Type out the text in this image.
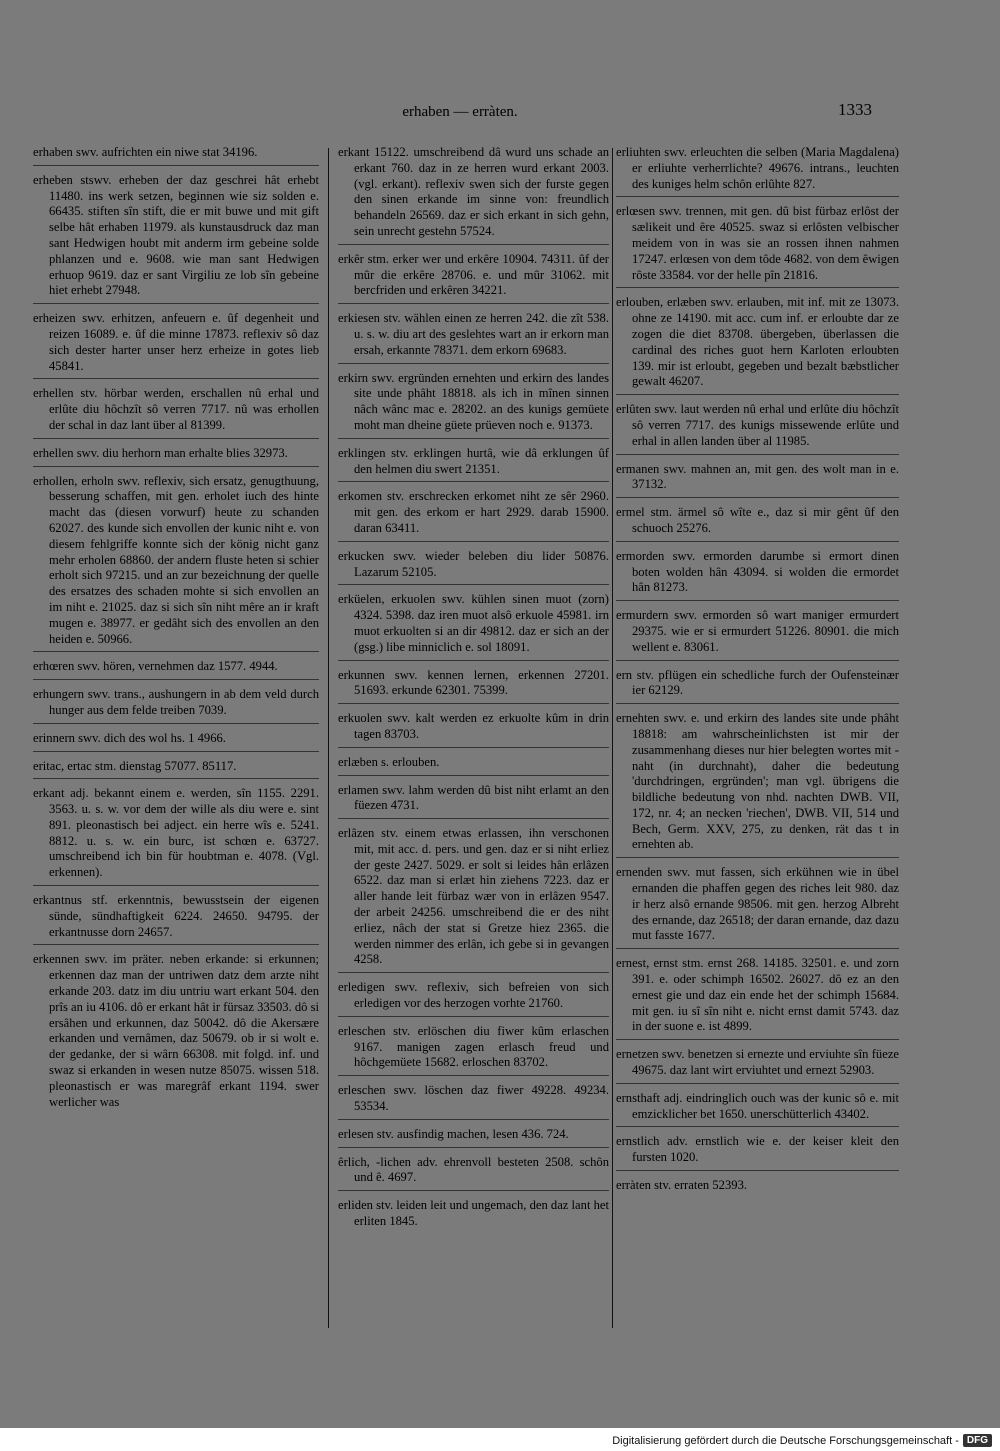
erhaben — erràten.	1333
erhaben swv. aufrichten ein niwe stat 34196.
erheben stswv. erheben der daz geschrei hât erhebt 11480. ins werk setzen, beginnen wie siz solden e. 66435. stiften sîn stift, die er mit buwe und mit gift selbe hât erhaben 11979. als kunstausdruck daz man sant Hedwigen houbt mit anderm irm gebeine solde phlanzen und e. 9608. wie man sant Hedwigen erhuop 9619. daz er sant Virgiliu ze lob sîn gebeine hiet erhebt 27948.
erheizen swv. erhitzen, anfeuern e. ûf degenheit und reizen 16089. e. ûf die minne 17873. reflexiv sô daz sich dester harter unser herz erheize in gotes lieb 45841.
erhellen stv. hörbar werden, erschallen nû erhal und erlûte diu hôchzît sô verren 7717. nû was erhollen der schal in daz lant über al 81399.
erhellen swv. diu herhorn man erhalte blies 32973.
erhollen, erholn swv. reflexiv, sich ersatz, genugthuung, besserung schaffen, mit gen. erholet iuch des hinte macht das (diesen vorwurf) heute zu schanden 62027. des kunde sich envollen der kunic niht e. von diesem fehlgriffe konnte sich der könig nicht ganz mehr erholen 68860. der andern fluste heten si schier erholt sich 97215. und an zur bezeichnung der quelle des ersatzes des schaden mohte si sich envollen an im niht e. 21025. daz si sich sîn niht mêre an ir kraft mugen e. 38977. er gedâht sich des envollen an den heiden e. 50966.
erhœren swv. hören, vernehmen daz 1577. 4944.
erhungern swv. trans., aushungern in ab dem veld durch hunger aus dem felde treiben 7039.
erinnern swv. dich des wol hs. 1 4966.
eritac, ertac stm. dienstag 57077. 85117.
erkant adj. bekannt einem e. werden, sîn 1155. 2291. 3563. u. s. w. vor dem der wille als diu were e. sint 891. pleonastisch bei adject. ein herre wîs e. 5241. 8812. u. s. w. ein burc, ist schœn e. 63727. umschreibend ich bin für houbtman e. 4078. (Vgl. erkennen).
erkantnus stf. erkenntnis, bewusstsein der eigenen sünde, sündhaftigkeit 6224. 24650. 94795. der erkantnusse dorn 24657.
erkennen swv. im präter. neben erkande: si erkunnen; erkennen daz man der untriwen datz dem arzte niht erkande 203. datz im diu untriu wart erkant 504. den prîs an iu 4106. dô er erkant hât ir fürsaz 33503. dô si ersâhen und erkunnen, daz 50042. dô die Akersære erkanden und vernâmen, daz 50679. ob ir si wolt e. der gedanke, der si wârn 66308. mit folgd. inf. und swaz si erkanden in wesen nutze 85075. wissen 518. pleonastisch er was maregrâf erkant 1194. swer werlicher was
erkant 15122. umschreibend dâ wurd uns schade an erkant 760. daz in ze herren wurd erkant 2003. (vgl. erkant). reflexiv swen sich der furste gegen den sinen erkande im sinne von: freundlich behandeln 26569. daz er sich erkant in sich gehn, sein unrecht gestehn 57524.
erkêr stm. erker wer und erkêre 10904. 74311. ûf der mûr die erkêre 28706. e. und mûr 31062. mit bercfriden und erkêren 34221.
erkiesen stv. wählen einen ze herren 242. die zît 538. u. s. w. diu art des geslehtes wart an ir erkorn man ersah, erkannte 78371. dem erkorn 69683.
erkirn swv. ergründen ernehten und erkirn des landes site unde phâht 18818. als ich in mînen sinnen nâch wânc mac e. 28202. an des kunigs gemüete moht man dheine güete prüeven noch e. 91373.
erklingen stv. erklingen hurtâ, wie dâ erklungen ûf den helmen diu swert 21351.
erkomen stv. erschrecken erkomet niht ze sêr 2960. mit gen. des erkom er hart 2929. darab 15900. daran 63411.
erkucken swv. wieder beleben diu lider 50876. Lazarum 52105.
erküelen, erkuolen swv. kühlen sinen muot (zorn) 4324. 5398. daz iren muot alsô erkuole 45981. irn muot erkuolten si an dir 49812. daz er sich an der (gsg.) libe minniclich e. sol 18091.
erkunnen swv. kennen lernen, erkennen 27201. 51693. erkunde 62301. 75399.
erkuolen swv. kalt werden ez erkuolte kûm in drin tagen 83703.
erlæben s. erlouben.
erlamen swv. lahm werden dû bist niht erlamt an den füezen 4731.
erlâzen stv. einem etwas erlassen, ihn verschonen mit, mit acc. d. pers. und gen. daz er si niht erliez der geste 2427. 5029. er solt si leides hân erlâzen 6522. daz man si erlæt hin ziehens 7223. daz er aller hande leit fürbaz wær von in erlâzen 9547. der arbeit 24256. umschreibend die er des niht erliez, nâch der stat si Gretze hiez 2365. die werden nimmer des erlân, ich gebe si in gevangen 4258.
erledigen swv. reflexiv, sich befreien von sich erledigen vor des herzogen vorhte 21760.
erleschen stv. erlöschen diu fiwer kûm erlaschen 9167. manigen zagen erlasch freud und hôchgemüete 15682. erloschen 83702.
erleschen swv. löschen daz fiwer 49228. 49234. 53534.
erlesen stv. ausfindig machen, lesen 436. 724.
êrlich, -lichen adv. ehrenvoll besteten 2508. schôn und ê. 4697.
erliden stv. leiden leit und ungemach, den daz lant het erliten 1845.
erliuhten swv. erleuchten die selben (Maria Magdalena) er erliuhte verherrlichte? 49676. intrans., leuchten des kuniges helm schôn erlûhte 827.
erlœsen swv. trennen, mit gen. dû bist fürbaz erlôst der sælikeit und êre 40525. swaz si erlôsten velbischer meidem von in was sie an rossen ihnen nahmen 17247. erlœsen von dem tôde 4682. von dem êwigen rôste 33584. vor der helle pîn 21816.
erlouben, erlæben swv. erlauben, mit inf. mit ze 13073. ohne ze 14190. mit acc. cum inf. er erloubte dar ze zogen die diet 83708. übergeben, überlassen die cardinal des riches guot hern Karloten erloubten 139. mir ist erloubt, gegeben und bezalt bæbstlicher gewalt 46207.
erlûten swv. laut werden nû erhal und erlûte diu hôchzît sô verren 7717. des kunigs missewende erlûte und erhal in allen landen über al 11985.
ermanen swv. mahnen an, mit gen. des wolt man in e. 37132.
ermel stm. ärmel sô wîte e., daz si mir gênt ûf den schuoch 25276.
ermorden swv. ermorden darumbe si ermort dinen boten wolden hân 43094. si wolden die ermordet hân 81273.
ermurdern swv. ermorden sô wart maniger ermurdert 29375. wie er si ermurdert 51226. 80901. die mich wellent e. 83061.
ern stv. pflügen ein schedliche furch der Oufensteinær ier 62129.
ernehten swv. e. und erkirn des landes site unde phâht 18818: am wahrscheinlichsten ist mir der zusammenhang dieses nur hier belegten wortes mit -naht (in durchnaht), daher die bedeutung 'durchdringen, ergründen'; man vgl. übrigens die bildliche bedeutung von nhd. nachten DWB. VII, 172, nr. 4; an necken 'riechen', DWB. VII, 514 und Bech, Germ. XXV, 275, zu denken, rät das t in ernehten ab.
ernenden swv. mut fassen, sich erkühnen wie in übel ernanden die phaffen gegen des riches leit 980. daz ir herz alsô ernande 98506. mit gen. herzog Albreht des ernande, daz 26518; der daran ernande, daz dazu mut fasste 1677.
ernest, ernst stm. ernst 268. 14185. 32501. e. und zorn 391. e. oder schimph 16502. 26027. dô ez an den ernest gie und daz ein ende het der schimph 15684. mit gen. iu sî sîn niht e. nicht ernst damit 5743. daz in der suone e. ist 4899.
ernetzen swv. benetzen si ernezte und erviuhte sîn füeze 49675. daz lant wirt erviuhtet und ernezt 52903.
ernsthaft adj. eindringlich ouch was der kunic sô e. mit emzicklicher bet 1650. unerschütterlich 43402.
ernstlich adv. ernstlich wie e. der keiser kleit den fursten 1020.
erràten stv. erraten 52393.
Digitalisierung gefördert durch die Deutsche Forschungsgemeinschaft - DFG
